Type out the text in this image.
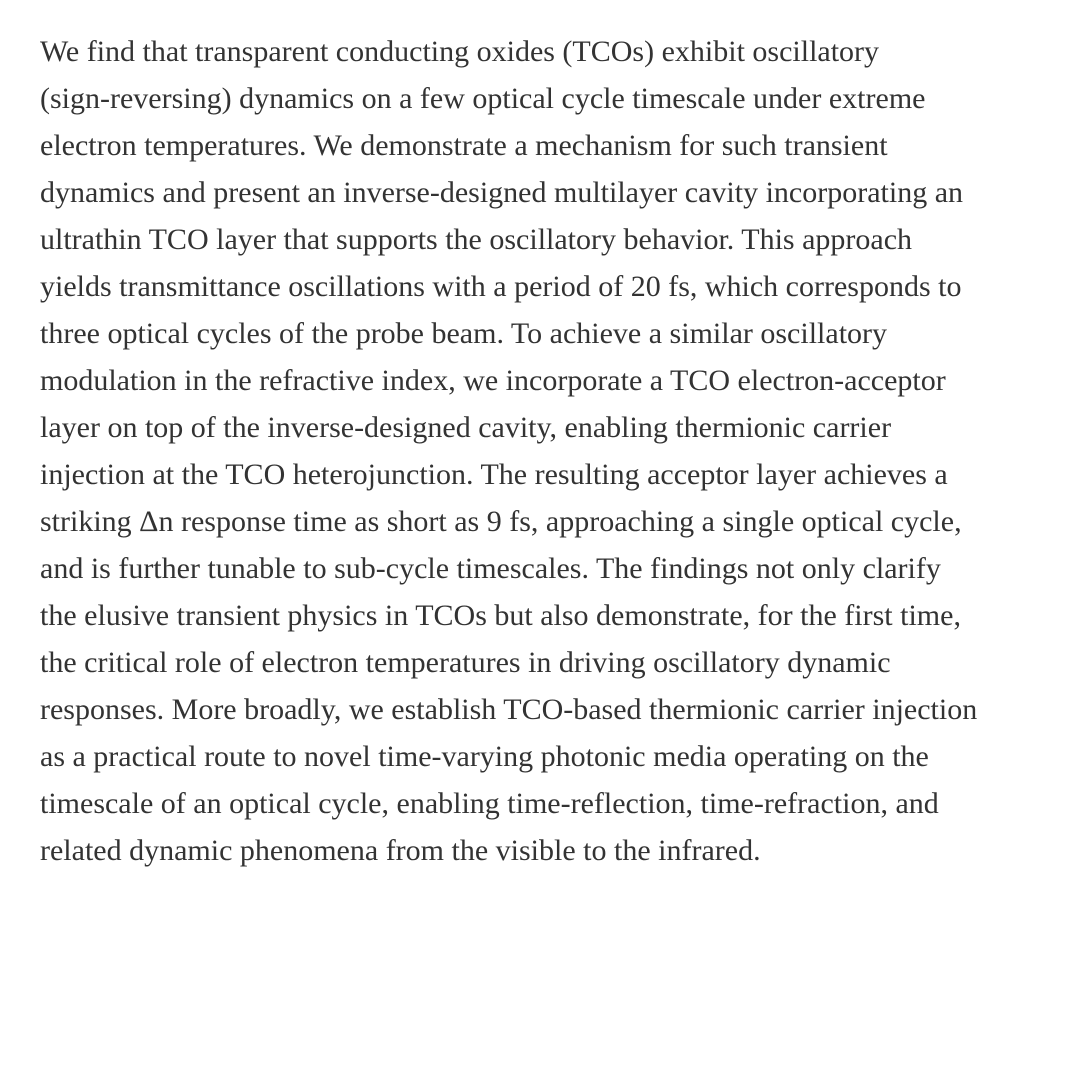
We find that transparent conducting oxides (TCOs) exhibit oscillatory
(sign-reversing) dynamics on a few optical cycle timescale under extreme
electron temperatures. We demonstrate a mechanism for such transient
dynamics and present an inverse-designed multilayer cavity incorporating an
ultrathin TCO layer that supports the oscillatory behavior. This approach
yields transmittance oscillations with a period of 20 fs, which corresponds to
three optical cycles of the probe beam. To achieve a similar oscillatory
modulation in the refractive index, we incorporate a TCO electron-acceptor
layer on top of the inverse-designed cavity, enabling thermionic carrier
injection at the TCO heterojunction. The resulting acceptor layer achieves a
striking Δn response time as short as 9 fs, approaching a single optical cycle,
and is further tunable to sub-cycle timescales. The findings not only clarify
the elusive transient physics in TCOs but also demonstrate, for the first time,
the critical role of electron temperatures in driving oscillatory dynamic
responses. More broadly, we establish TCO-based thermionic carrier injection
as a practical route to novel time-varying photonic media operating on the
timescale of an optical cycle, enabling time-reflection, time-refraction, and
related dynamic phenomena from the visible to the infrared.
